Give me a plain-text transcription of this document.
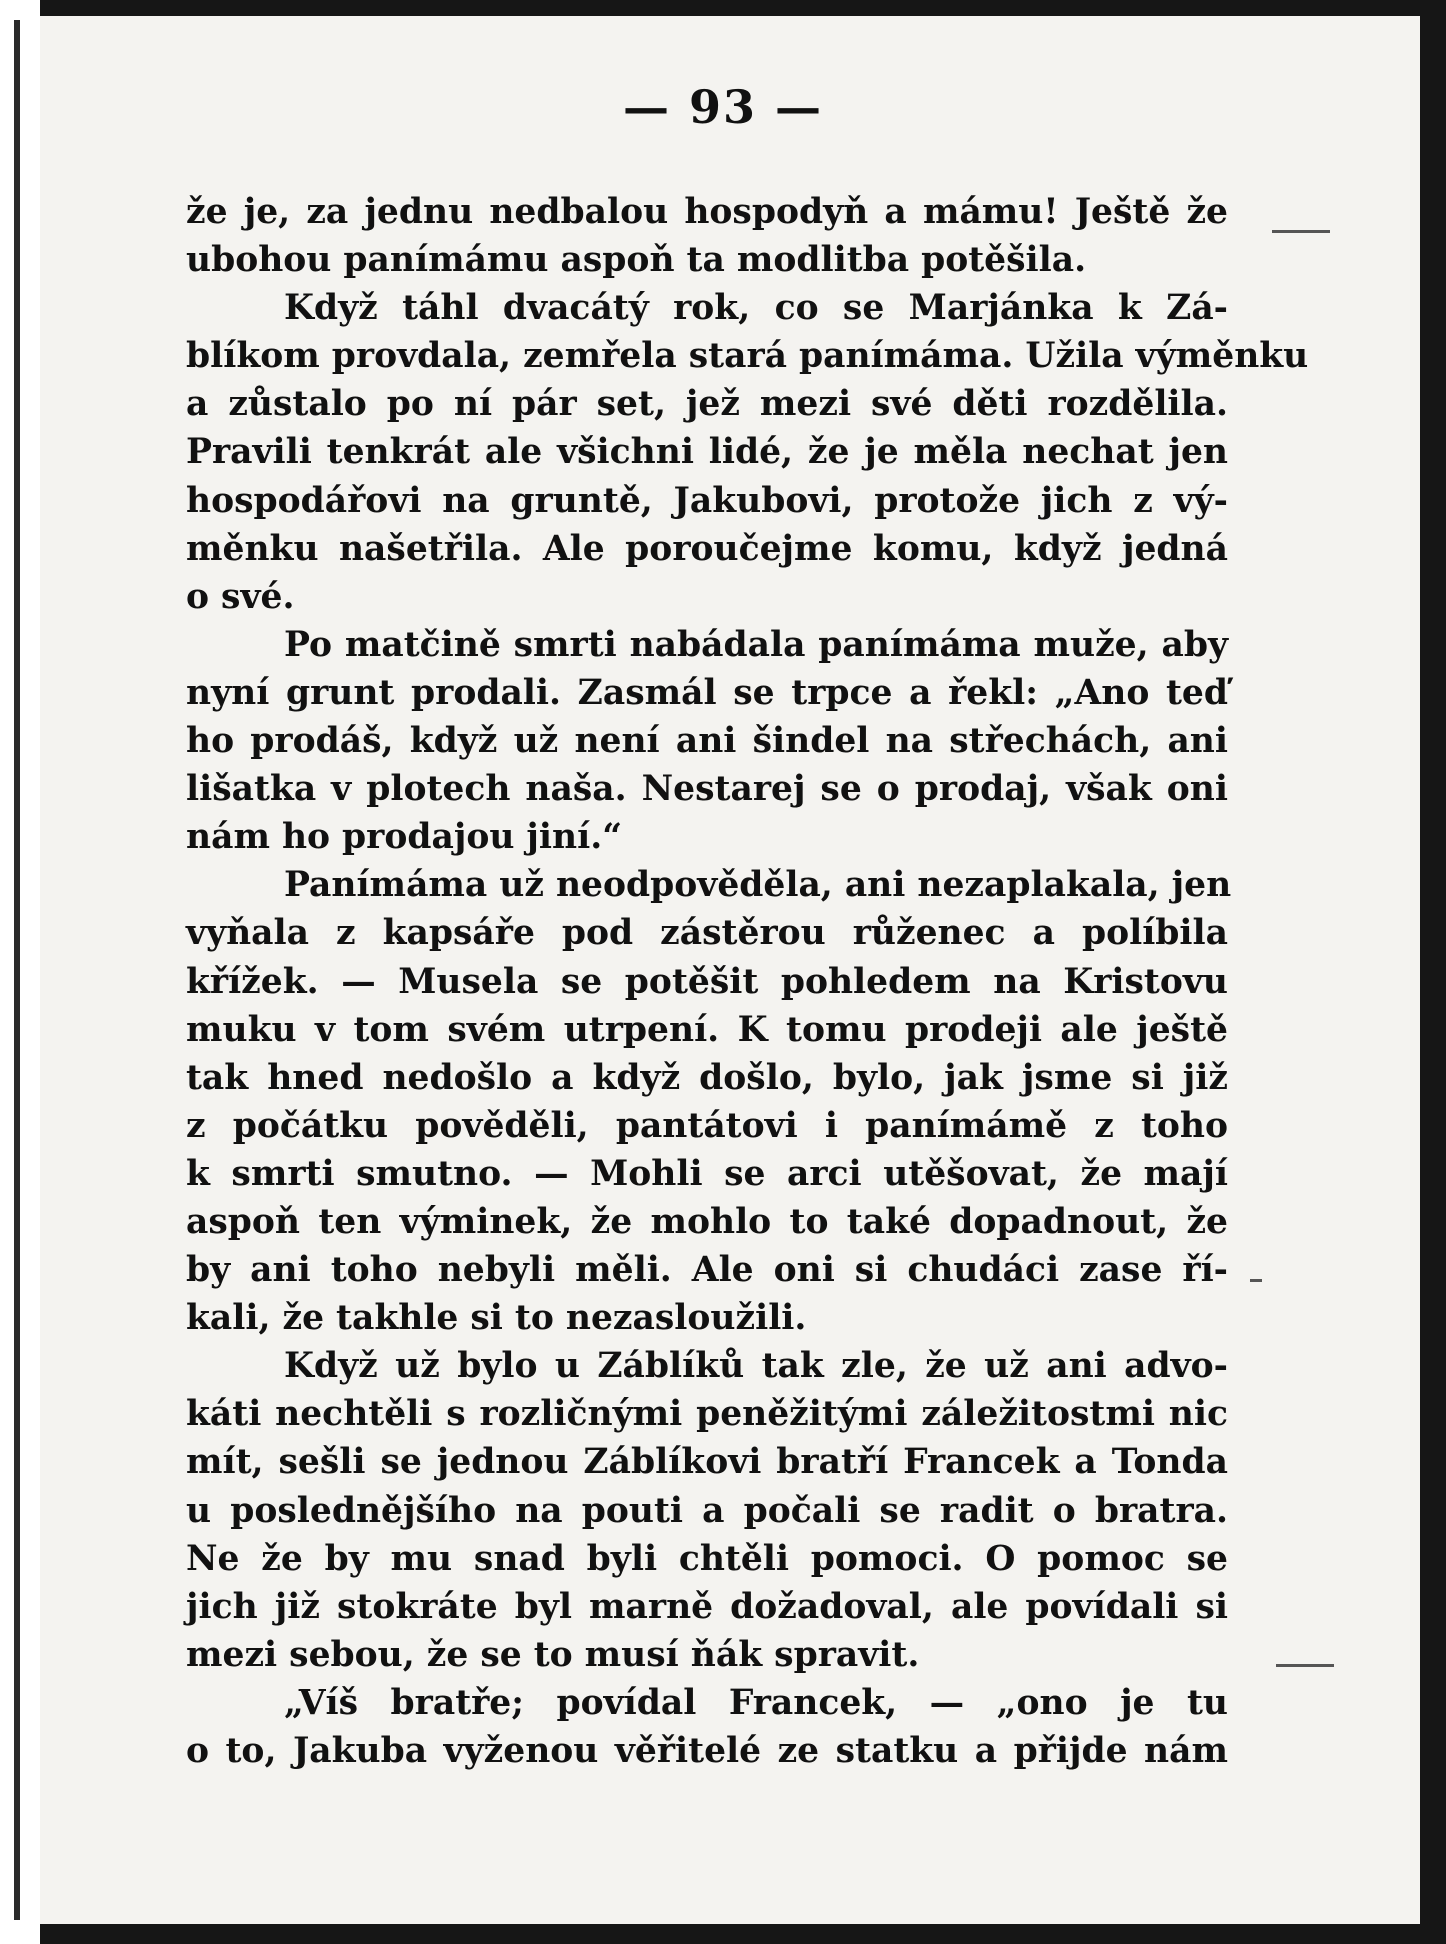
— 93 —
že je, za jednu nedbalou hospodyň a mámu! Ještě že
ubohou panímámu aspoň ta modlitba potěšila.
Když táhl dvacátý rok, co se Marjánka k Zá-
blíkom provdala, zemřela stará panímáma. Užila výměnku
a zůstalo po ní pár set, jež mezi své děti rozdělila.
Pravili tenkrát ale všichni lidé, že je měla nechat jen
hospodářovi na gruntě, Jakubovi, protože jich z vý-
měnku našetřila. Ale poroučejme komu, když jedná
o své.
Po matčině smrti nabádala panímáma muže, aby
nyní grunt prodali. Zasmál se trpce a řekl: „Ano teď
ho prodáš, když už není ani šindel na střechách, ani
lišatka v plotech naša. Nestarej se o prodaj, však oni
nám ho prodajou jiní.“
Panímáma už neodpověděla, ani nezaplakala, jen
vyňala z kapsáře pod zástěrou růženec a políbila
křížek. — Musela se potěšit pohledem na Kristovu
muku v tom svém utrpení. K tomu prodeji ale ještě
tak hned nedošlo a když došlo, bylo, jak jsme si již
z počátku pověděli, pantátovi i panímámě z toho
k smrti smutno. — Mohli se arci utěšovat, že mají
aspoň ten výminek, že mohlo to také dopadnout, že
by ani toho nebyli měli. Ale oni si chudáci zase ří-
kali, že takhle si to nezasloužili.
Když už bylo u Záblíků tak zle, že už ani advo-
káti nechtěli s rozličnými peněžitými záležitostmi nic
mít, sešli se jednou Záblíkovi bratří Francek a Tonda
u poslednějšího na pouti a počali se radit o bratra.
Ne že by mu snad byli chtěli pomoci. O pomoc se
jich již stokráte byl marně dožadoval, ale povídali si
mezi sebou, že se to musí ňák spravit.
„Víš bratře; povídal Francek, — „ono je tu
o to, Jakuba vyženou věřitelé ze statku a přijde nám
